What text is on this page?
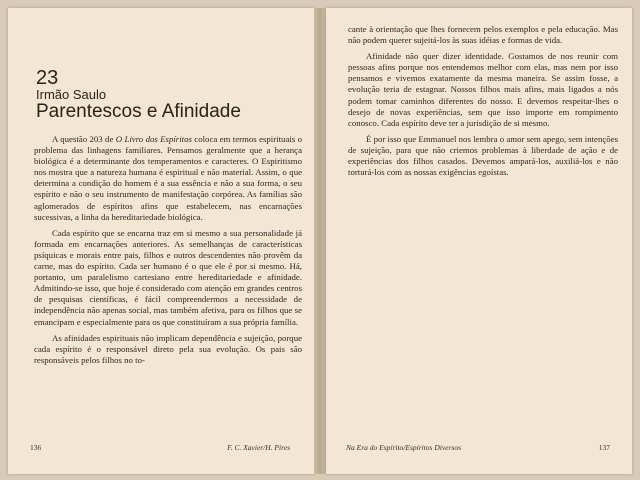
23
Irmão Saulo
Parentescos e Afinidade

A questão 203 de O Livro dos Espíritos coloca em termos espirituais o problema das linhagens familiares. Pensamos geralmente que a herança biológica é a determinante dos temperamentos e caracteres. O Espiritismo nos mostra que a natureza humana é espiritual e não material. Assim, o que determina a condição do homem é a sua essência e não a sua forma, o seu espírito e não o seu instrumento de manifestação corpórea. As famílias são aglomerados de espíritos afins que estabelecem, nas encarnações sucessivas, a linha da hereditariedade biológica.

Cada espírito que se encarna traz em si mesmo a sua personalidade já formada em encarnações anteriores. As semelhanças de características psíquicas e morais entre pais, filhos e outros descendentes não provêm da carne, mas do espírito. Cada ser humano é o que ele é por si mesmo. Há, portanto, um paralelismo cartesiano entre hereditariedade e afinidade. Admitindo-se isso, que hoje é considerado com atenção em grandes centros de pesquisas científicas, é fácil compreendermos a necessidade de independência não apenas social, mas também afetiva, para os filhos que se emancipam e especialmente para os que constituíram a sua própria família.

As afinidades espirituais não implicam dependência e sujeição, porque cada espírito é o responsável direto pela sua evolução. Os pais são responsáveis pelos filhos no to-

136	F. C. Xavier/H. Pires

cante à orientação que lhes fornecem pelos exemplos e pela educação. Mas não podem querer sujeitá-los às suas idéias e formas de vida.

Afinidade não quer dizer identidade. Gostamos de nos reunir com pessoas afins porque nos entendemos melhor com elas, mas nem por isso pensamos e vivemos exatamente da mesma maneira. Se assim fosse, a evolução teria de estagnar. Nossos filhos mais afins, mais ligados a nós podem tomar caminhos diferentes do nosso. E devemos respeitar-lhes o desejo de novas experiências, sem que isso importe em rompimento conosco. Cada espírito deve ter a jurisdição de si mesmo.

É por isso que Emmanuel nos lembra o amor sem apego, sem intenções de sujeição, para que não criemos problemas à liberdade de ação e de experiências dos filhos casados. Devemos ampará-los, auxiliá-los e não torturá-los com as nossas exigências egoístas.

Na Era do Espírito/Espíritos Diversos	137
